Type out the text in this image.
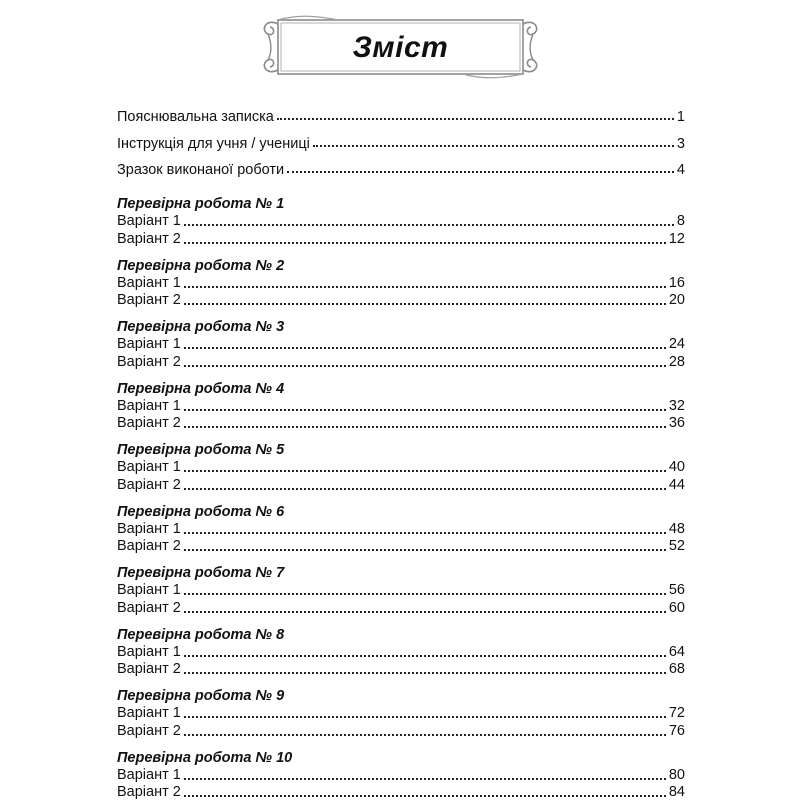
Зміст
Пояснювальна записка	1
Інструкція для учня / учениці	3
Зразок виконаної роботи	4
Перевірна робота № 1
Варіант 1	8
Варіант 2	12
Перевірна робота № 2
Варіант 1	16
Варіант 2	20
Перевірна робота № 3
Варіант 1	24
Варіант 2	28
Перевірна робота № 4
Варіант 1	32
Варіант 2	36
Перевірна робота № 5
Варіант 1	40
Варіант 2	44
Перевірна робота № 6
Варіант 1	48
Варіант 2	52
Перевірна робота № 7
Варіант 1	56
Варіант 2	60
Перевірна робота № 8
Варіант 1	64
Варіант 2	68
Перевірна робота № 9
Варіант 1	72
Варіант 2	76
Перевірна робота № 10
Варіант 1	80
Варіант 2	84
